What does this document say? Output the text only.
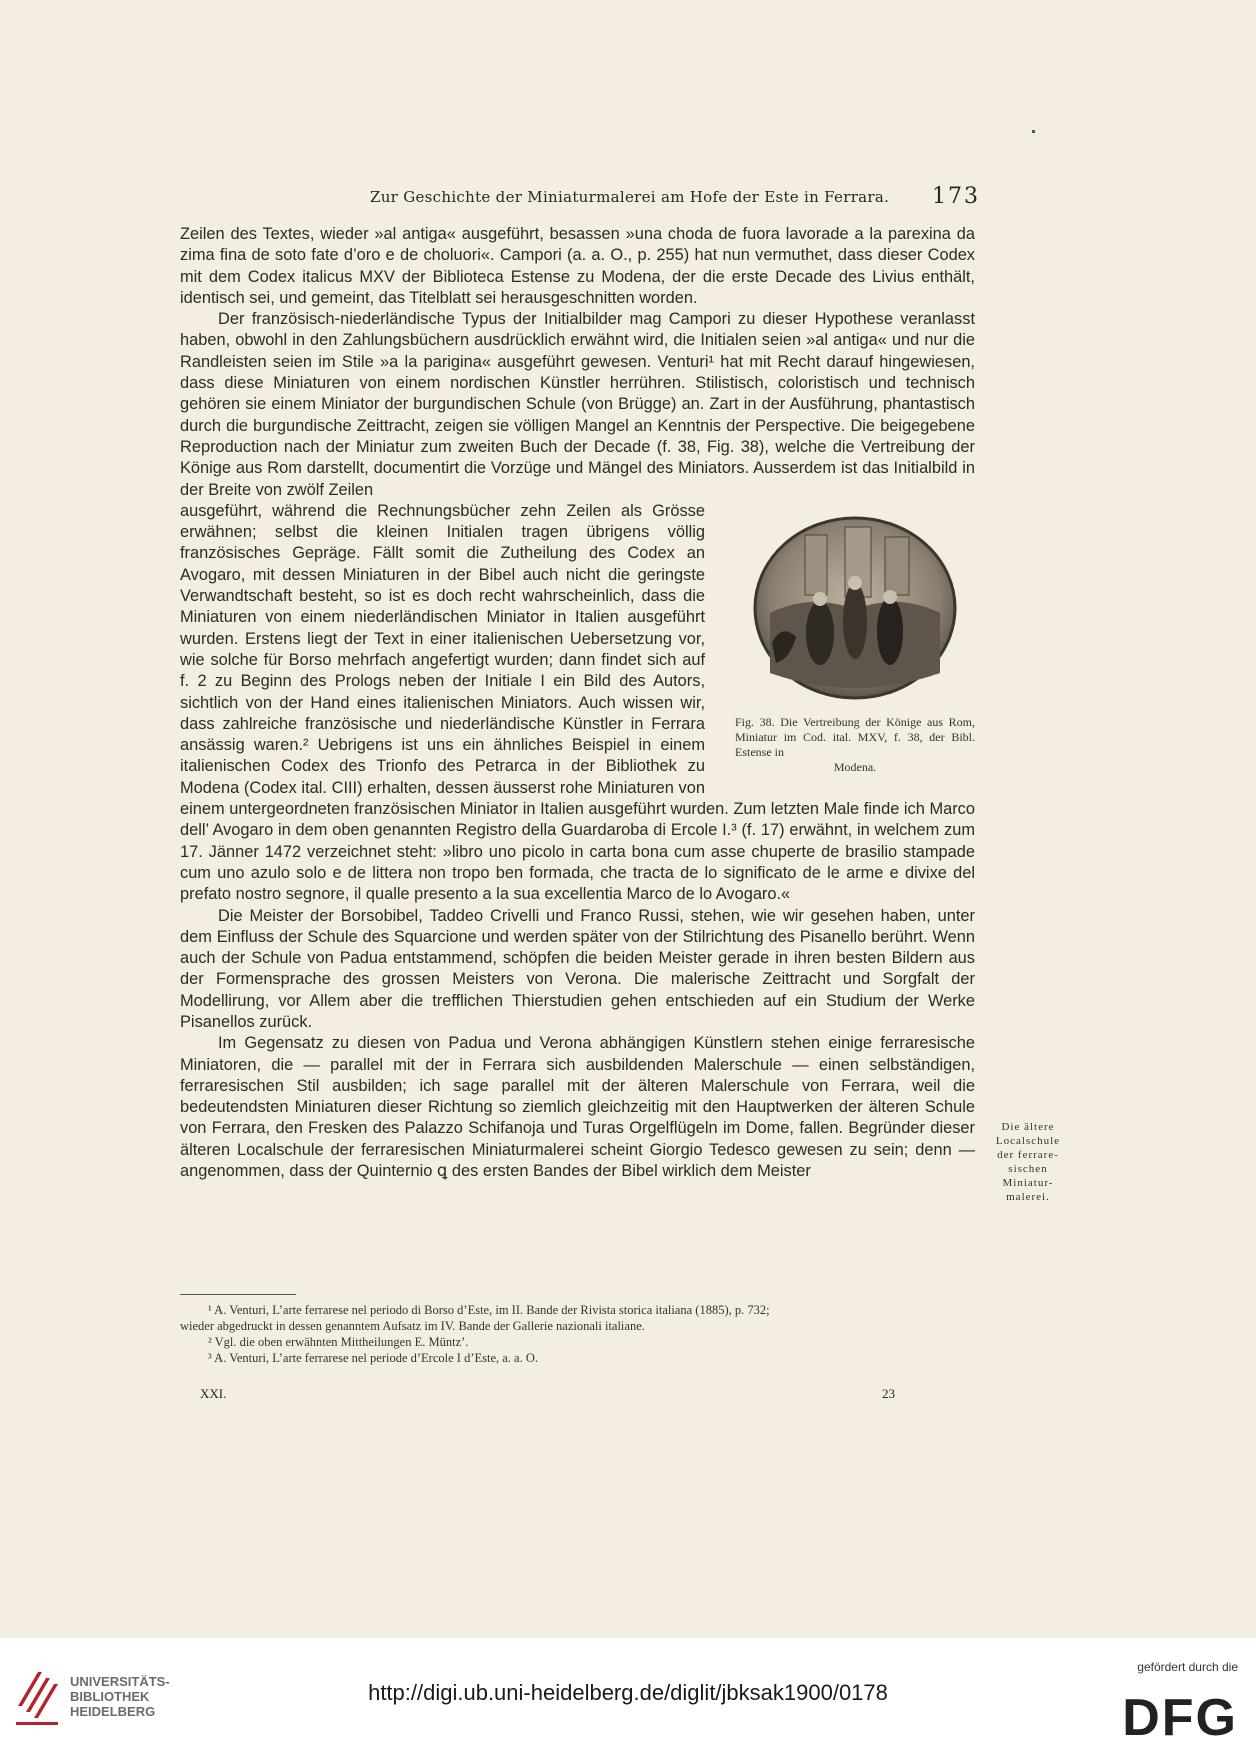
Zur Geschichte der Miniaturmalerei am Hofe der Este in Ferrara. 173

Zeilen des Textes, wieder »al antiga« ausgeführt, besassen »una choda de fuora lavorade a la parexina da zima fina de soto fate d’oro e de choluori«. Campori (a. a. O., p. 255) hat nun vermuthet, dass dieser Codex mit dem Codex italicus MXV der Biblioteca Estense zu Modena, der die erste Decade des Livius enthält, identisch sei, und gemeint, das Titelblatt sei herausgeschnitten worden.

Der französisch-niederländische Typus der Initialbilder mag Campori zu dieser Hypothese veranlasst haben, obwohl in den Zahlungsbüchern ausdrücklich erwähnt wird, die Initialen seien »al antiga« und nur die Randleisten seien im Stile »a la parigina« ausgeführt gewesen. Venturi¹ hat mit Recht darauf hingewiesen, dass diese Miniaturen von einem nordischen Künstler herrühren. Stilistisch, coloristisch und technisch gehören sie einem Miniator der burgundischen Schule (von Brügge) an. Zart in der Ausführung, phantastisch durch die burgundische Zeittracht, zeigen sie völligen Mangel an Kenntnis der Perspective. Die beigegebene Reproduction nach der Miniatur zum zweiten Buch der Decade (f. 38, Fig. 38), welche die Vertreibung der Könige aus Rom darstellt, documentirt die Vorzüge und Mängel des Miniators. Ausserdem ist das Initialbild in der Breite von zwölf Zeilen

Fig. 38. Die Vertreibung der Könige aus Rom, Miniatur im Cod. ital. MXV, f. 38, der Bibl. Estense in
Modena.

ausgeführt, während die Rechnungsbücher zehn Zeilen als Grösse erwähnen; selbst die kleinen Initialen tragen übrigens völlig französisches Gepräge. Fällt somit die Zutheilung des Codex an Avogaro, mit dessen Miniaturen in der Bibel auch nicht die geringste Verwandtschaft besteht, so ist es doch recht wahrscheinlich, dass die Miniaturen von einem niederländischen Miniator in Italien ausgeführt wurden. Erstens liegt der Text in einer italienischen Uebersetzung vor, wie solche für Borso mehrfach angefertigt wurden; dann findet sich auf f. 2 zu Beginn des Prologs neben der Initiale I ein Bild des Autors, sichtlich von der Hand eines italienischen Miniators. Auch wissen wir, dass zahlreiche französische und niederländische Künstler in Ferrara ansässig waren.² Uebrigens ist uns ein ähnliches Beispiel in einem italienischen Codex des Trionfo des Petrarca in der Bibliothek zu Modena (Codex ital. CIII) erhalten, dessen äusserst rohe Miniaturen von einem untergeordneten französischen Miniator in Italien ausgeführt wurden. Zum letzten Male finde ich Marco dell’ Avogaro in dem oben genannten Registro della Guardaroba di Ercole I.³ (f. 17) erwähnt, in welchem zum 17. Jänner 1472 verzeichnet steht: »libro uno picolo in carta bona cum asse chuperte de brasilio stampade cum uno azulo solo e de littera non tropo ben formada, che tracta de lo significato de le arme e divixe del prefato nostro segnore, il qualle presento a la sua excellentia Marco de lo Avogaro.«

Die Meister der Borsobibel, Taddeo Crivelli und Franco Russi, stehen, wie wir gesehen haben, unter dem Einfluss der Schule des Squarcione und werden später von der Stilrichtung des Pisanello berührt. Wenn auch der Schule von Padua entstammend, schöpfen die beiden Meister gerade in ihren besten Bildern aus der Formensprache des grossen Meisters von Verona. Die malerische Zeittracht und Sorgfalt der Modellirung, vor Allem aber die trefflichen Thierstudien gehen entschieden auf ein Studium der Werke Pisanellos zurück.

Im Gegensatz zu diesen von Padua und Verona abhängigen Künstlern stehen einige ferraresische Miniatoren, die — parallel mit der in Ferrara sich ausbildenden Malerschule — einen selbständigen, ferraresischen Stil ausbilden; ich sage parallel mit der älteren Malerschule von Ferrara, weil die bedeutendsten Miniaturen dieser Richtung so ziemlich gleichzeitig mit den Hauptwerken der älteren Schule von Ferrara, den Fresken des Palazzo Schifanoja und Turas Orgelflügeln im Dome, fallen. Begründer dieser älteren Localschule der ferraresischen Miniaturmalerei scheint Giorgio Tedesco gewesen zu sein; denn — angenommen, dass der Quinternio ꝗ des ersten Bandes der Bibel wirklich dem Meister

Die ältere
Localschule
der ferrare-
sischen
Miniatur-
malerei.

¹ A. Venturi, L’arte ferrarese nel periodo di Borso d’Este, im II. Bande der Rivista storica italiana (1885), p. 732;

wieder abgedruckt in dessen genanntem Aufsatz im IV. Bande der Gallerie nazionali italiane.

² Vgl. die oben erwähnten Mittheilungen E. Müntz’.

³ A. Venturi, L’arte ferrarese nel periode d’Ercole I d’Este, a. a. O.

XXI.	23
UNIVERSITÄTS-
BIBLIOTHEK
HEIDELBERG
http://digi.ub.uni-heidelberg.de/diglit/jbksak1900/0178
gefördert durch die
DFG
